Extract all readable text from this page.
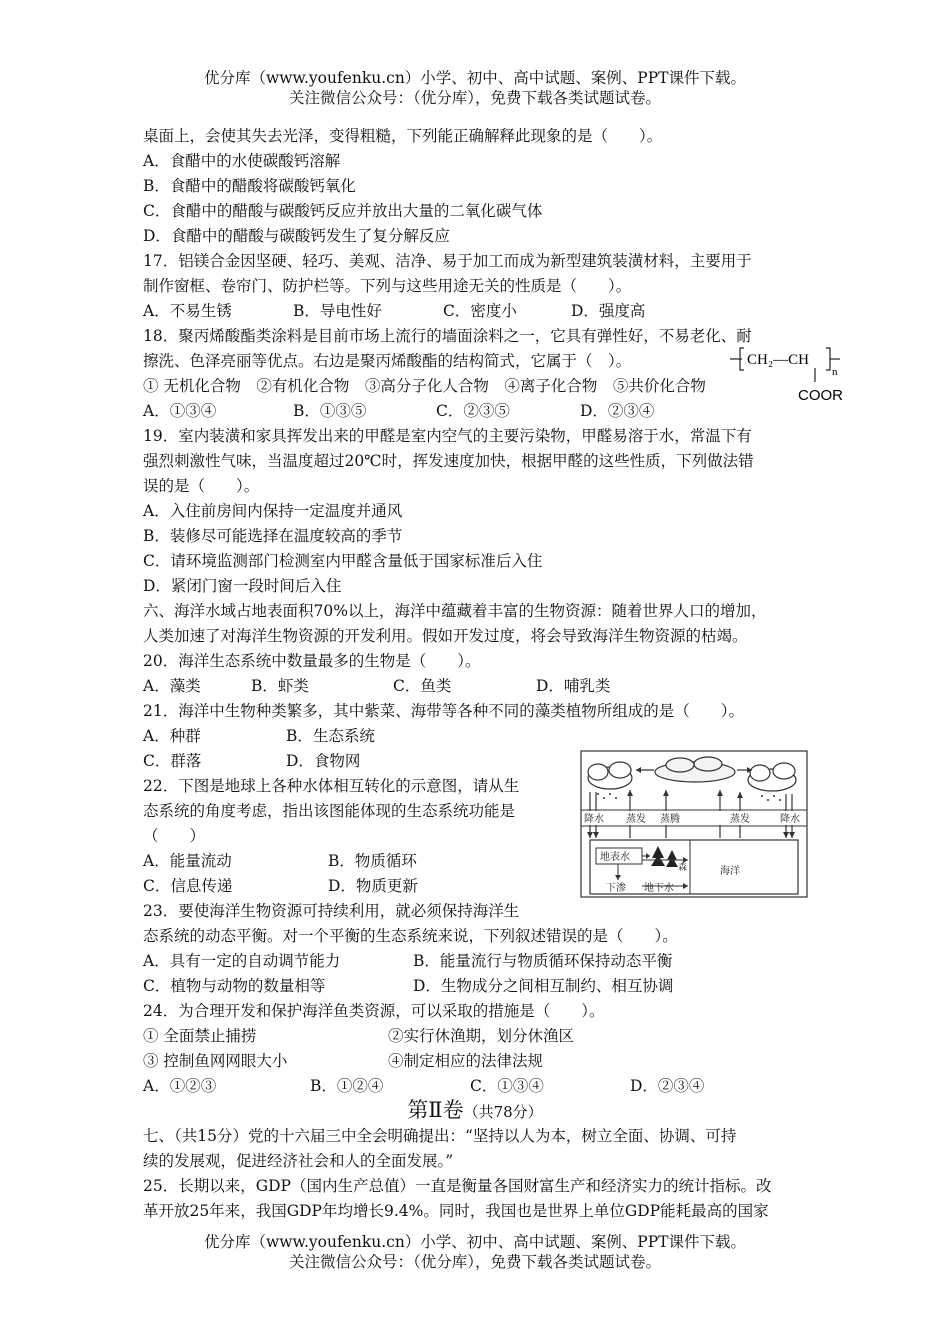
优分库（www.youfenku.cn）小学、初中、高中试题、案例、PPT课件下载。
关注微信公众号：（优分库），免费下载各类试题试卷。
桌面上，会使其失去光泽，变得粗糙，下列能正确解释此现象的是（　　）。
A．食醋中的水使碳酸钙溶解
B．食醋中的醋酸将碳酸钙氧化
C．食醋中的醋酸与碳酸钙反应并放出大量的二氧化碳气体
D．食醋中的醋酸与碳酸钙发生了复分解反应
17．铝镁合金因坚硬、轻巧、美观、洁净、易于加工而成为新型建筑装潢材料，主要用于
制作窗框、卷帘门、防护栏等。下列与这些用途无关的性质是（　　）。
A．不易生锈	B．导电性好	C．密度小	D．强度高
18．聚丙烯酸酯类涂料是目前市场上流行的墙面涂料之一，它具有弹性好，不易老化、耐
擦洗、色泽亮丽等优点。右边是聚丙烯酸酯的结构简式，它属于（　）。
① 无机化合物　②有机化合物　③高分子化人合物　④离子化合物　⑤共价化合物
A．①③④	B．①③⑤	C．②③⑤	D．②③④
CH₂—CH
n
COOR
19．室内装潢和家具挥发出来的甲醛是室内空气的主要污染物，甲醛易溶于水，常温下有
强烈刺激性气味，当温度超过20℃时，挥发速度加快，根据甲醛的这些性质，下列做法错
误的是（　　）。
A．入住前房间内保持一定温度并通风
B．装修尽可能选择在温度较高的季节
C．请环境监测部门检测室内甲醛含量低于国家标准后入住
D．紧闭门窗一段时间后入住
六、海洋水域占地表面积70%以上，海洋中蕴藏着丰富的生物资源：随着世界人口的增加，
人类加速了对海洋生物资源的开发利用。假如开发过度，将会导致海洋生物资源的枯竭。
20．海洋生态系统中数量最多的生物是（　　）。
A．藻类	B．虾类	C．鱼类	D．哺乳类
21．海洋中生物种类繁多，其中紫菜、海带等各种不同的藻类植物所组成的是（　　）。
A．种群	B．生态系统
C．群落	D．食物网
22．下图是地球上各种水体相互转化的示意图，请从生
态系统的角度考虑，指出该图能体现的生态系统功能是
（　　）
A．能量流动	B．物质循环
C．信息传递	D．物质更新
降水 蒸发 蒸腾	蒸发	降水
地表水
森
下渗 地下水
海洋
23．要使海洋生物资源可持续利用，就必须保持海洋生
态系统的动态平衡。对一个平衡的生态系统来说，下列叙述错误的是（　　）。
A．具有一定的自动调节能力	B．能量流行与物质循环保持动态平衡
C．植物与动物的数量相等	D．生物成分之间相互制约、相互协调
24．为合理开发和保护海洋鱼类资源，可以采取的措施是（　　）。
① 全面禁止捕捞	②实行休渔期，划分休渔区
③ 控制鱼网网眼大小	④制定相应的法律法规
A．①②③	B．①②④	C．①③④	D．②③④
第Ⅱ卷（共78分）
七、（共15分）党的十六届三中全会明确提出：“坚持以人为本，树立全面、协调、可持
续的发展观，促进经济社会和人的全面发展。”
25．长期以来，GDP（国内生产总值）一直是衡量各国财富生产和经济实力的统计指标。改
革开放25年来，我国GDP年均增长9.4%。同时，我国也是世界上单位GDP能耗最高的国家
优分库（www.youfenku.cn）小学、初中、高中试题、案例、PPT课件下载。
关注微信公众号：（优分库），免费下载各类试题试卷。
